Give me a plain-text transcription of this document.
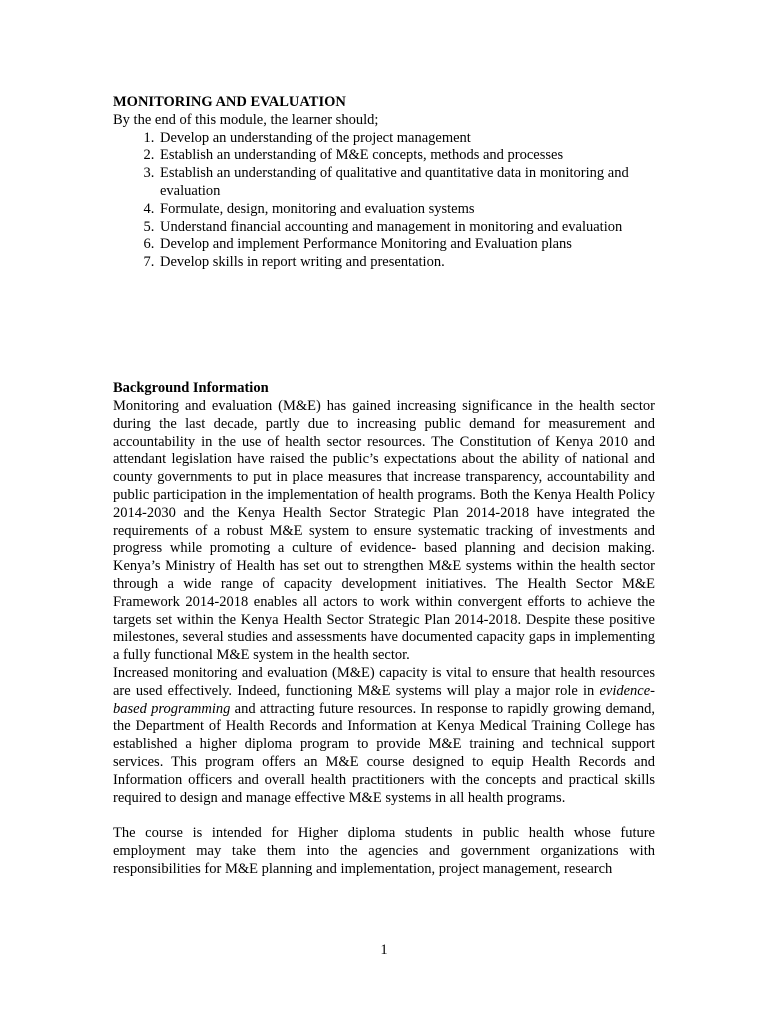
MONITORING AND EVALUATION

By the end of this module, the learner should;

1. Develop an understanding of the project management
2. Establish an understanding of M&E concepts, methods and processes
3. Establish an understanding of qualitative and quantitative data in monitoring and evaluation
4. Formulate, design, monitoring and evaluation systems
5. Understand financial accounting and management in monitoring and evaluation
6. Develop and implement Performance Monitoring and Evaluation plans
7. Develop skills in report writing and presentation.

Background Information

Monitoring and evaluation (M&E) has gained increasing significance in the health sector during the last decade, partly due to increasing public demand for measurement and accountability in the use of health sector resources. The Constitution of Kenya 2010 and attendant legislation have raised the public’s expectations about the ability of national and county governments to put in place measures that increase transparency, accountability and public participation in the implementation of health programs. Both the Kenya Health Policy 2014-2030 and the Kenya Health Sector Strategic Plan 2014-2018 have integrated the requirements of a robust M&E system to ensure systematic tracking of investments and progress while promoting a culture of evidence- based planning and decision making. Kenya’s Ministry of Health has set out to strengthen M&E systems within the health sector through a wide range of capacity development initiatives. The Health Sector M&E Framework 2014-2018 enables all actors to work within convergent efforts to achieve the targets set within the Kenya Health Sector Strategic Plan 2014-2018. Despite these positive milestones, several studies and assessments have documented capacity gaps in implementing a fully functional M&E system in the health sector.

Increased monitoring and evaluation (M&E) capacity is vital to ensure that health resources are used effectively. Indeed, functioning M&E systems will play a major role in evidence-based programming and attracting future resources. In response to rapidly growing demand, the Department of Health Records and Information at Kenya Medical Training College has established a higher diploma program to provide M&E training and technical support services. This program offers an M&E course designed to equip Health Records and Information officers and overall health practitioners with the concepts and practical skills required to design and manage effective M&E systems in all health programs.

The course is intended for Higher diploma students in public health whose future employment may take them into the agencies and government organizations with responsibilities for M&E planning and implementation, project management, research

1
